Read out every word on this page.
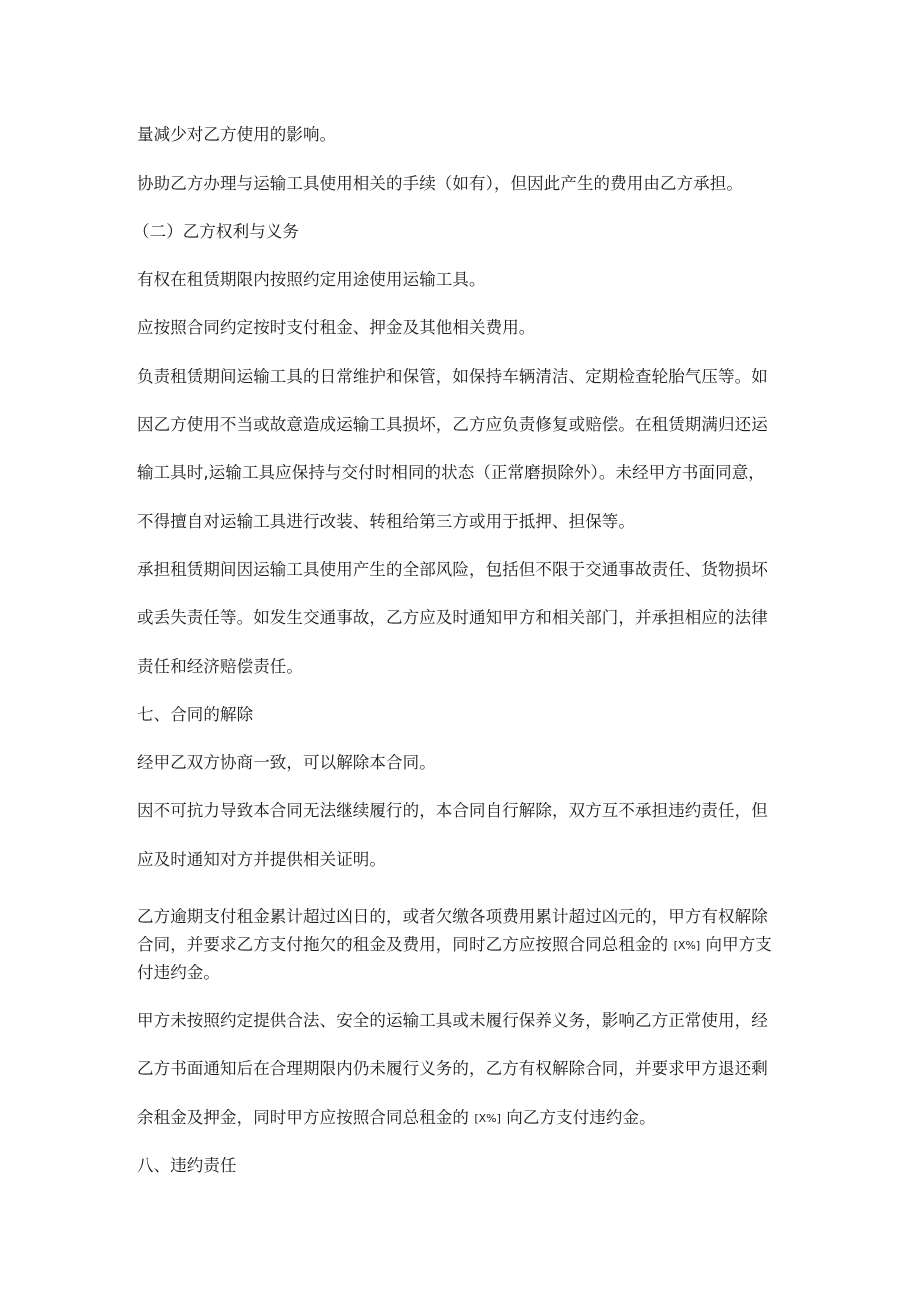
量减少对乙方使用的影响。
协助乙方办理与运输工具使用相关的手续（如有），但因此产生的费用由乙方承担。
（二）乙方权利与义务
有权在租赁期限内按照约定用途使用运输工具。
应按照合同约定按时支付租金、押金及其他相关费用。
负责租赁期间运输工具的日常维护和保管，如保持车辆清洁、定期检查轮胎气压等。如
因乙方使用不当或故意造成运输工具损坏，乙方应负责修复或赔偿。在租赁期满归还运
输工具时,运输工具应保持与交付时相同的状态（正常磨损除外）。未经甲方书面同意，
不得擅自对运输工具进行改装、转租给第三方或用于抵押、担保等。
承担租赁期间因运输工具使用产生的全部风险，包括但不限于交通事故责任、货物损坏
或丢失责任等。如发生交通事故，乙方应及时通知甲方和相关部门，并承担相应的法律
责任和经济赔偿责任。
七、合同的解除
经甲乙双方协商一致，可以解除本合同。
因不可抗力导致本合同无法继续履行的，本合同自行解除，双方互不承担违约责任，但
应及时通知对方并提供相关证明。
乙方逾期支付租金累计超过凶日的，或者欠缴各项费用累计超过凶元的，甲方有权解除
合同，并要求乙方支付拖欠的租金及费用，同时乙方应按照合同总租金的 [X%] 向甲方支
付违约金。
甲方未按照约定提供合法、安全的运输工具或未履行保养义务，影响乙方正常使用，经
乙方书面通知后在合理期限内仍未履行义务的，乙方有权解除合同，并要求甲方退还剩
余租金及押金，同时甲方应按照合同总租金的 [X%] 向乙方支付违约金。
八、违约责任
